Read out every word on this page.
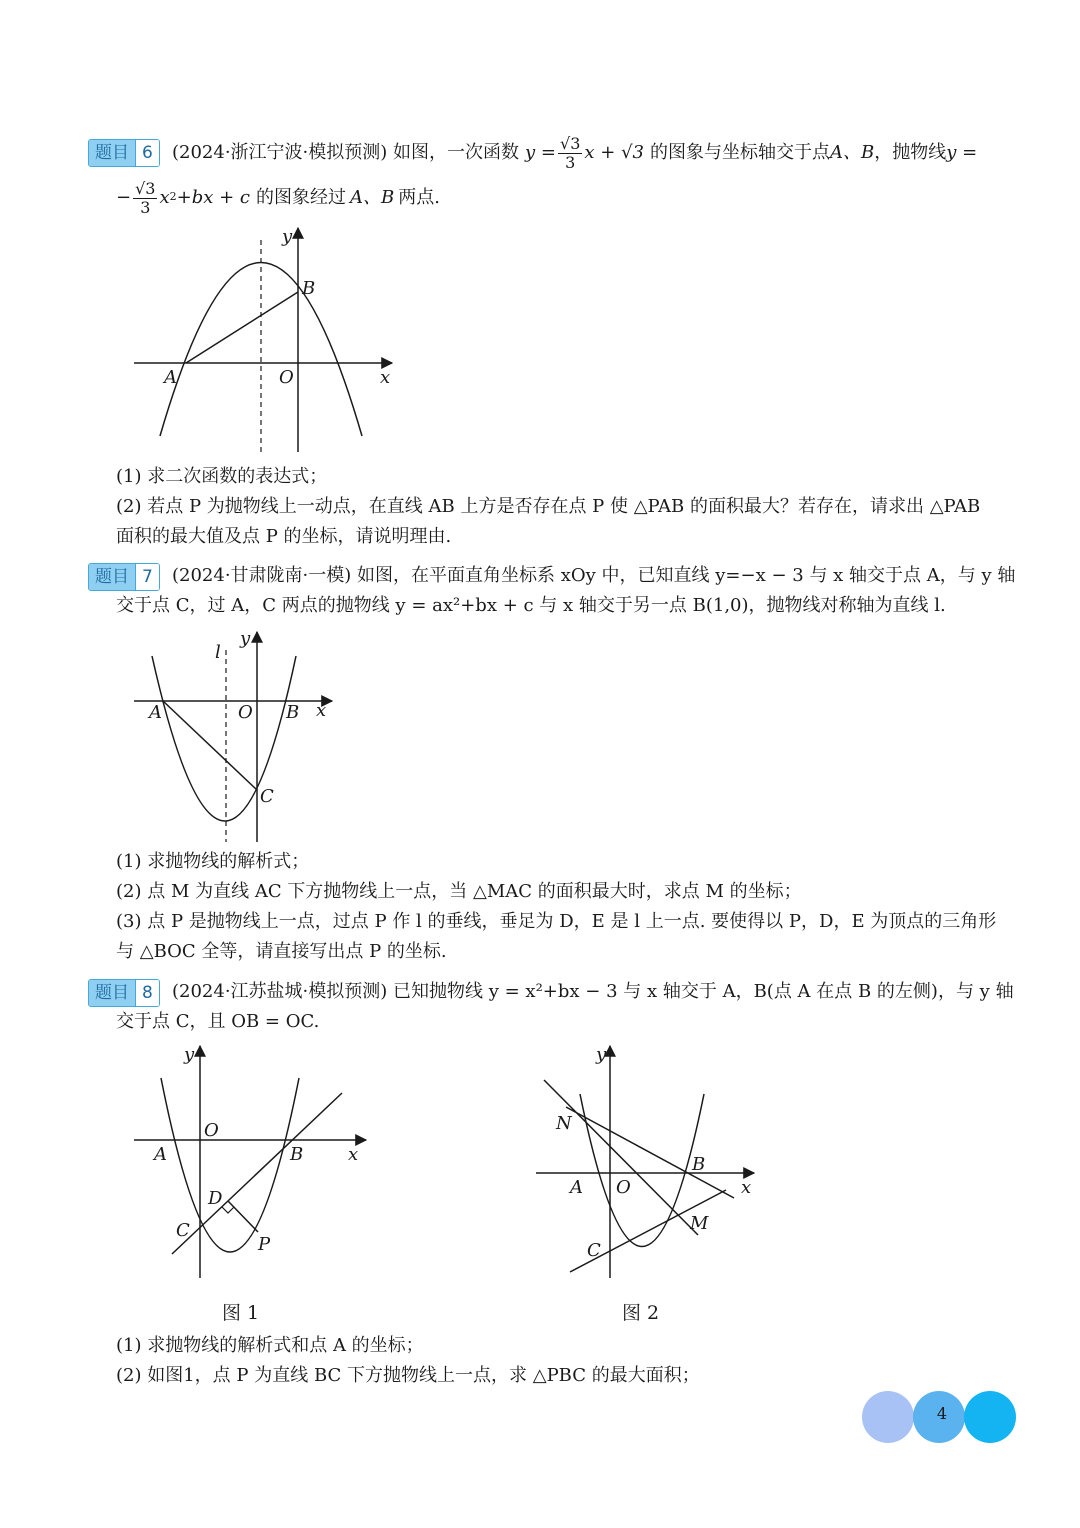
题目 6	(2024·浙江宁波·模拟预测) 如图，一次函数 $y = \frac{√3}{3}$ x + √3 的图象与坐标轴交于点 A、B ，抛物线 y =
− $\frac{√3}{3}$ x 2 +bx + c 的图象经过 A、B 两点.
y
x
A
B
O
(1) 求二次函数的表达式；
(2) 若点 P 为抛物线上一动点，在直线 AB 上方是否存在点 P 使 △PAB 的面积最大？若存在，请求出 △PAB
面积的最大值及点 P 的坐标，请说明理由.
题目 7	(2024·甘肃陇南·一模) 如图，在平面直角坐标系 xOy 中，已知直线 y=−x − 3 与 x 轴交于点 A，与 y 轴
交于点 C，过 A，C 两点的抛物线 y = ax²+bx + c 与 x 轴交于另一点 B(1,0)，抛物线对称轴为直线 l.
y
x
A	B
O
C
l
(1) 求抛物线的解析式；
(2) 点 M 为直线 AC 下方抛物线上一点，当 △MAC 的面积最大时，求点 M 的坐标；
(3) 点 P 是抛物线上一点，过点 P 作 l 的垂线，垂足为 D，E 是 l 上一点. 要使得以 P，D，E 为顶点的三角形
与 △BOC 全等，请直接写出点 P 的坐标.
题目 8	(2024·江苏盐城·模拟预测) 已知抛物线 y = x²+bx − 3 与 x 轴交于 A，B(点 A 在点 B 的左侧)，与 y 轴
交于点 C，且 OB = OC.
y
x
A	B
O
C
D
P
图 1
y
x
A
B
O
C
N
M
图 2
(1) 求抛物线的解析式和点 A 的坐标；
(2) 如图1，点 P 为直线 BC 下方抛物线上一点，求 △PBC 的最大面积；
4
